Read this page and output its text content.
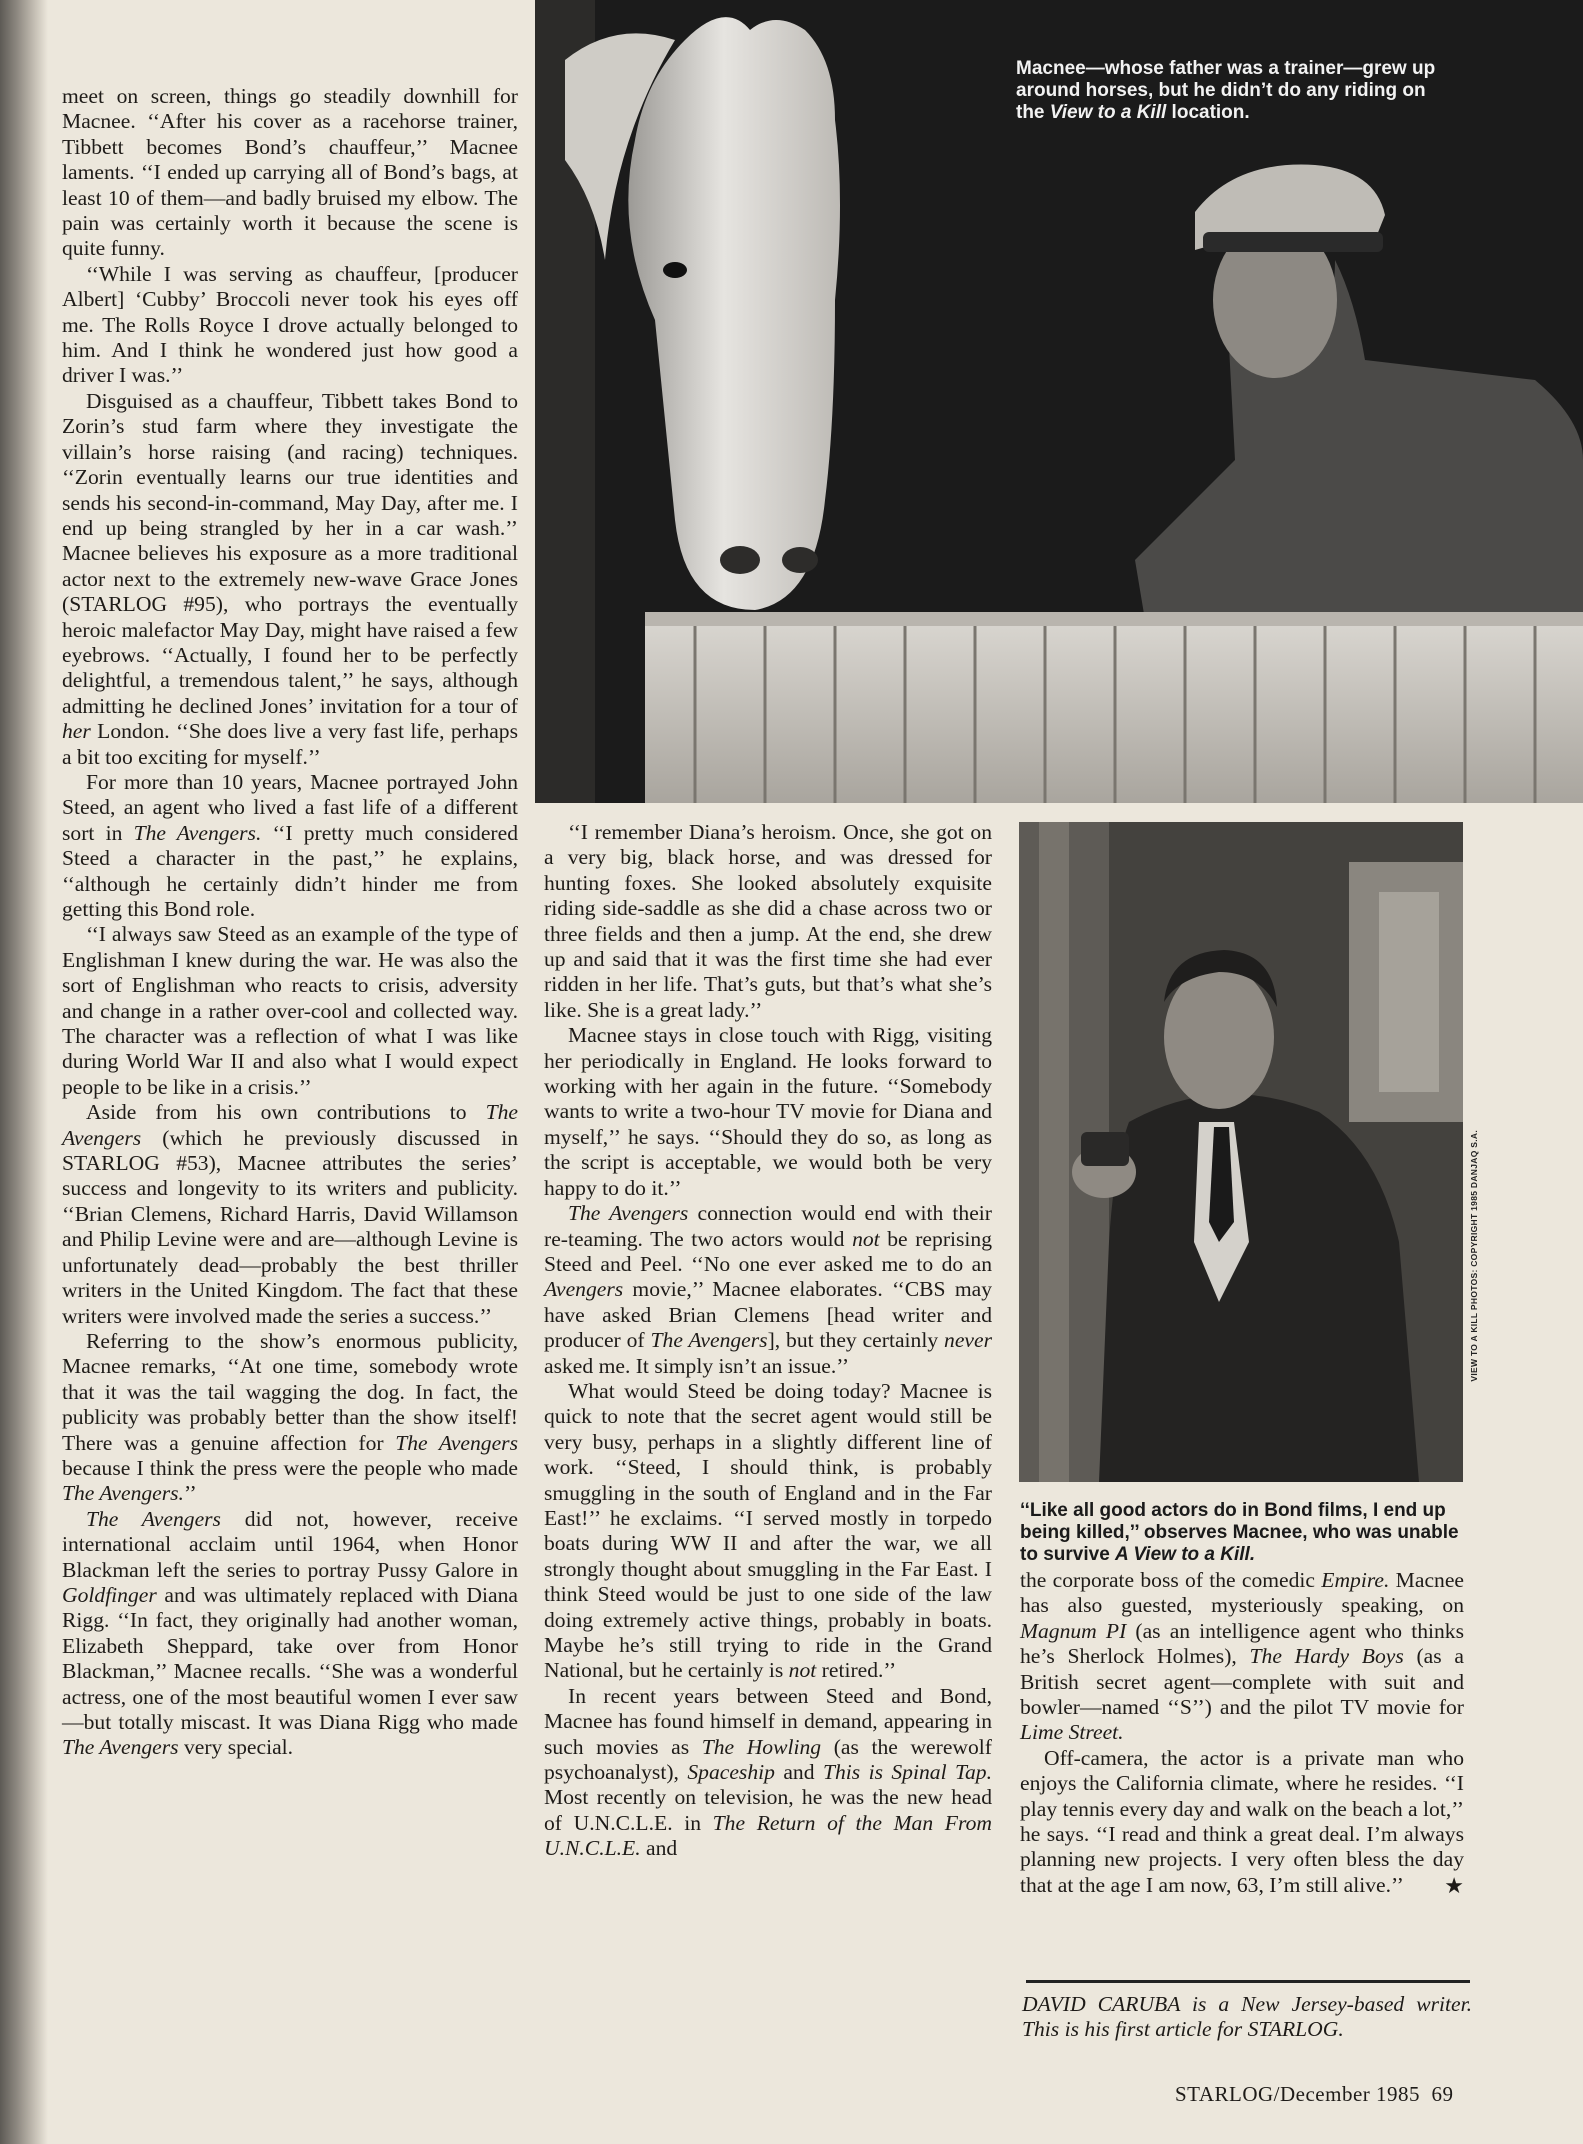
meet on screen, things go steadily downhill for Macnee. ‘‘After his cover as a racehorse trainer, Tibbett becomes Bond’s chauffeur,’’ Macnee laments. ‘‘I ended up carrying all of Bond’s bags, at least 10 of them—and badly bruised my elbow. The pain was certainly worth it because the scene is quite funny.

‘‘While I was serving as chauffeur, [producer Albert] ‘Cubby’ Broccoli never took his eyes off me. The Rolls Royce I drove actually belonged to him. And I think he wondered just how good a driver I was.’’

Disguised as a chauffeur, Tibbett takes Bond to Zorin’s stud farm where they investigate the villain’s horse raising (and racing) techniques. ‘‘Zorin eventually learns our true identities and sends his second-in-command, May Day, after me. I end up being strangled by her in a car wash.’’ Macnee believes his exposure as a more traditional actor next to the extremely new-wave Grace Jones (STARLOG #95), who portrays the eventually heroic malefactor May Day, might have raised a few eyebrows. ‘‘Actually, I found her to be perfectly delightful, a tremendous talent,’’ he says, although admitting he declined Jones’ invitation for a tour of her London. ‘‘She does live a very fast life, perhaps a bit too exciting for myself.’’

For more than 10 years, Macnee portrayed John Steed, an agent who lived a fast life of a different sort in The Avengers. ‘‘I pretty much considered Steed a character in the past,’’ he explains, ‘‘although he certainly didn’t hinder me from getting this Bond role.

‘‘I always saw Steed as an example of the type of Englishman I knew during the war. He was also the sort of Englishman who reacts to crisis, adversity and change in a rather over-cool and collected way. The character was a reflection of what I was like during World War II and also what I would expect people to be like in a crisis.’’

Aside from his own contributions to The Avengers (which he previously discussed in STARLOG #53), Macnee attributes the series’ success and longevity to its writers and publicity. ‘‘Brian Clemens, Richard Harris, David Willamson and Philip Levine were and are—although Levine is unfortunately dead—probably the best thriller writers in the United Kingdom. The fact that these writers were involved made the series a success.’’

Referring to the show’s enormous publicity, Macnee remarks, ‘‘At one time, somebody wrote that it was the tail wagging the dog. In fact, the publicity was probably better than the show itself! There was a genuine affection for The Avengers because I think the press were the people who made The Avengers.’’

The Avengers did not, however, receive international acclaim until 1964, when Honor Blackman left the series to portray Pussy Galore in Goldfinger and was ultimately replaced with Diana Rigg. ‘‘In fact, they originally had another woman, Elizabeth Sheppard, take over from Honor Blackman,’’ Macnee recalls. ‘‘She was a wonderful actress, one of the most beautiful women I ever saw—but totally miscast. It was Diana Rigg who made The Avengers very special.

Macnee—whose father was a trainer—grew up around horses, but he didn’t do any riding on the View to a Kill location.
VIEW TO A KILL PHOTOS: COPYRIGHT 1985 DANJAQ S.A.
‘‘Like all good actors do in Bond films, I end up being killed,’’ observes Macnee, who was unable to survive A View to a Kill.

‘‘I remember Diana’s heroism. Once, she got on a very big, black horse, and was dressed for hunting foxes. She looked absolutely exquisite riding side-saddle as she did a chase across two or three fields and then a jump. At the end, she drew up and said that it was the first time she had ever ridden in her life. That’s guts, but that’s what she’s like. She is a great lady.’’

Macnee stays in close touch with Rigg, visiting her periodically in England. He looks forward to working with her again in the future. ‘‘Somebody wants to write a two-hour TV movie for Diana and myself,’’ he says. ‘‘Should they do so, as long as the script is acceptable, we would both be very happy to do it.’’

The Avengers connection would end with their re-teaming. The two actors would not be reprising Steed and Peel. ‘‘No one ever asked me to do an Avengers movie,’’ Macnee elaborates. ‘‘CBS may have asked Brian Clemens [head writer and producer of The Avengers], but they certainly never asked me. It simply isn’t an issue.’’

What would Steed be doing today? Macnee is quick to note that the secret agent would still be very busy, perhaps in a slightly different line of work. ‘‘Steed, I should think, is probably smuggling in the south of England and in the Far East!’’ he exclaims. ‘‘I served mostly in torpedo boats during WW II and after the war, we all strongly thought about smuggling in the Far East. I think Steed would be just to one side of the law doing extremely active things, probably in boats. Maybe he’s still trying to ride in the Grand National, but he certainly is not retired.’’

In recent years between Steed and Bond, Macnee has found himself in demand, appearing in such movies as The Howling (as the werewolf psychoanalyst), Spaceship and This is Spinal Tap. Most recently on television, he was the new head of U.N.C.L.E. in The Return of the Man From U.N.C.L.E. and

the corporate boss of the comedic Empire. Macnee has also guested, mysteriously speaking, on Magnum PI (as an intelligence agent who thinks he’s Sherlock Holmes), The Hardy Boys (as a British secret agent—complete with suit and bowler—named ‘‘S’’) and the pilot TV movie for Lime Street.

Off-camera, the actor is a private man who enjoys the California climate, where he resides. ‘‘I play tennis every day and walk on the beach a lot,’’ he says. ‘‘I read and think a great deal. I’m always planning new projects. I very often bless the day that at the age I am now, 63, I’m still alive.’’	★

DAVID CARUBA is a New Jersey-based writer. This is his first article for STARLOG.
STARLOG/December 1985 69
